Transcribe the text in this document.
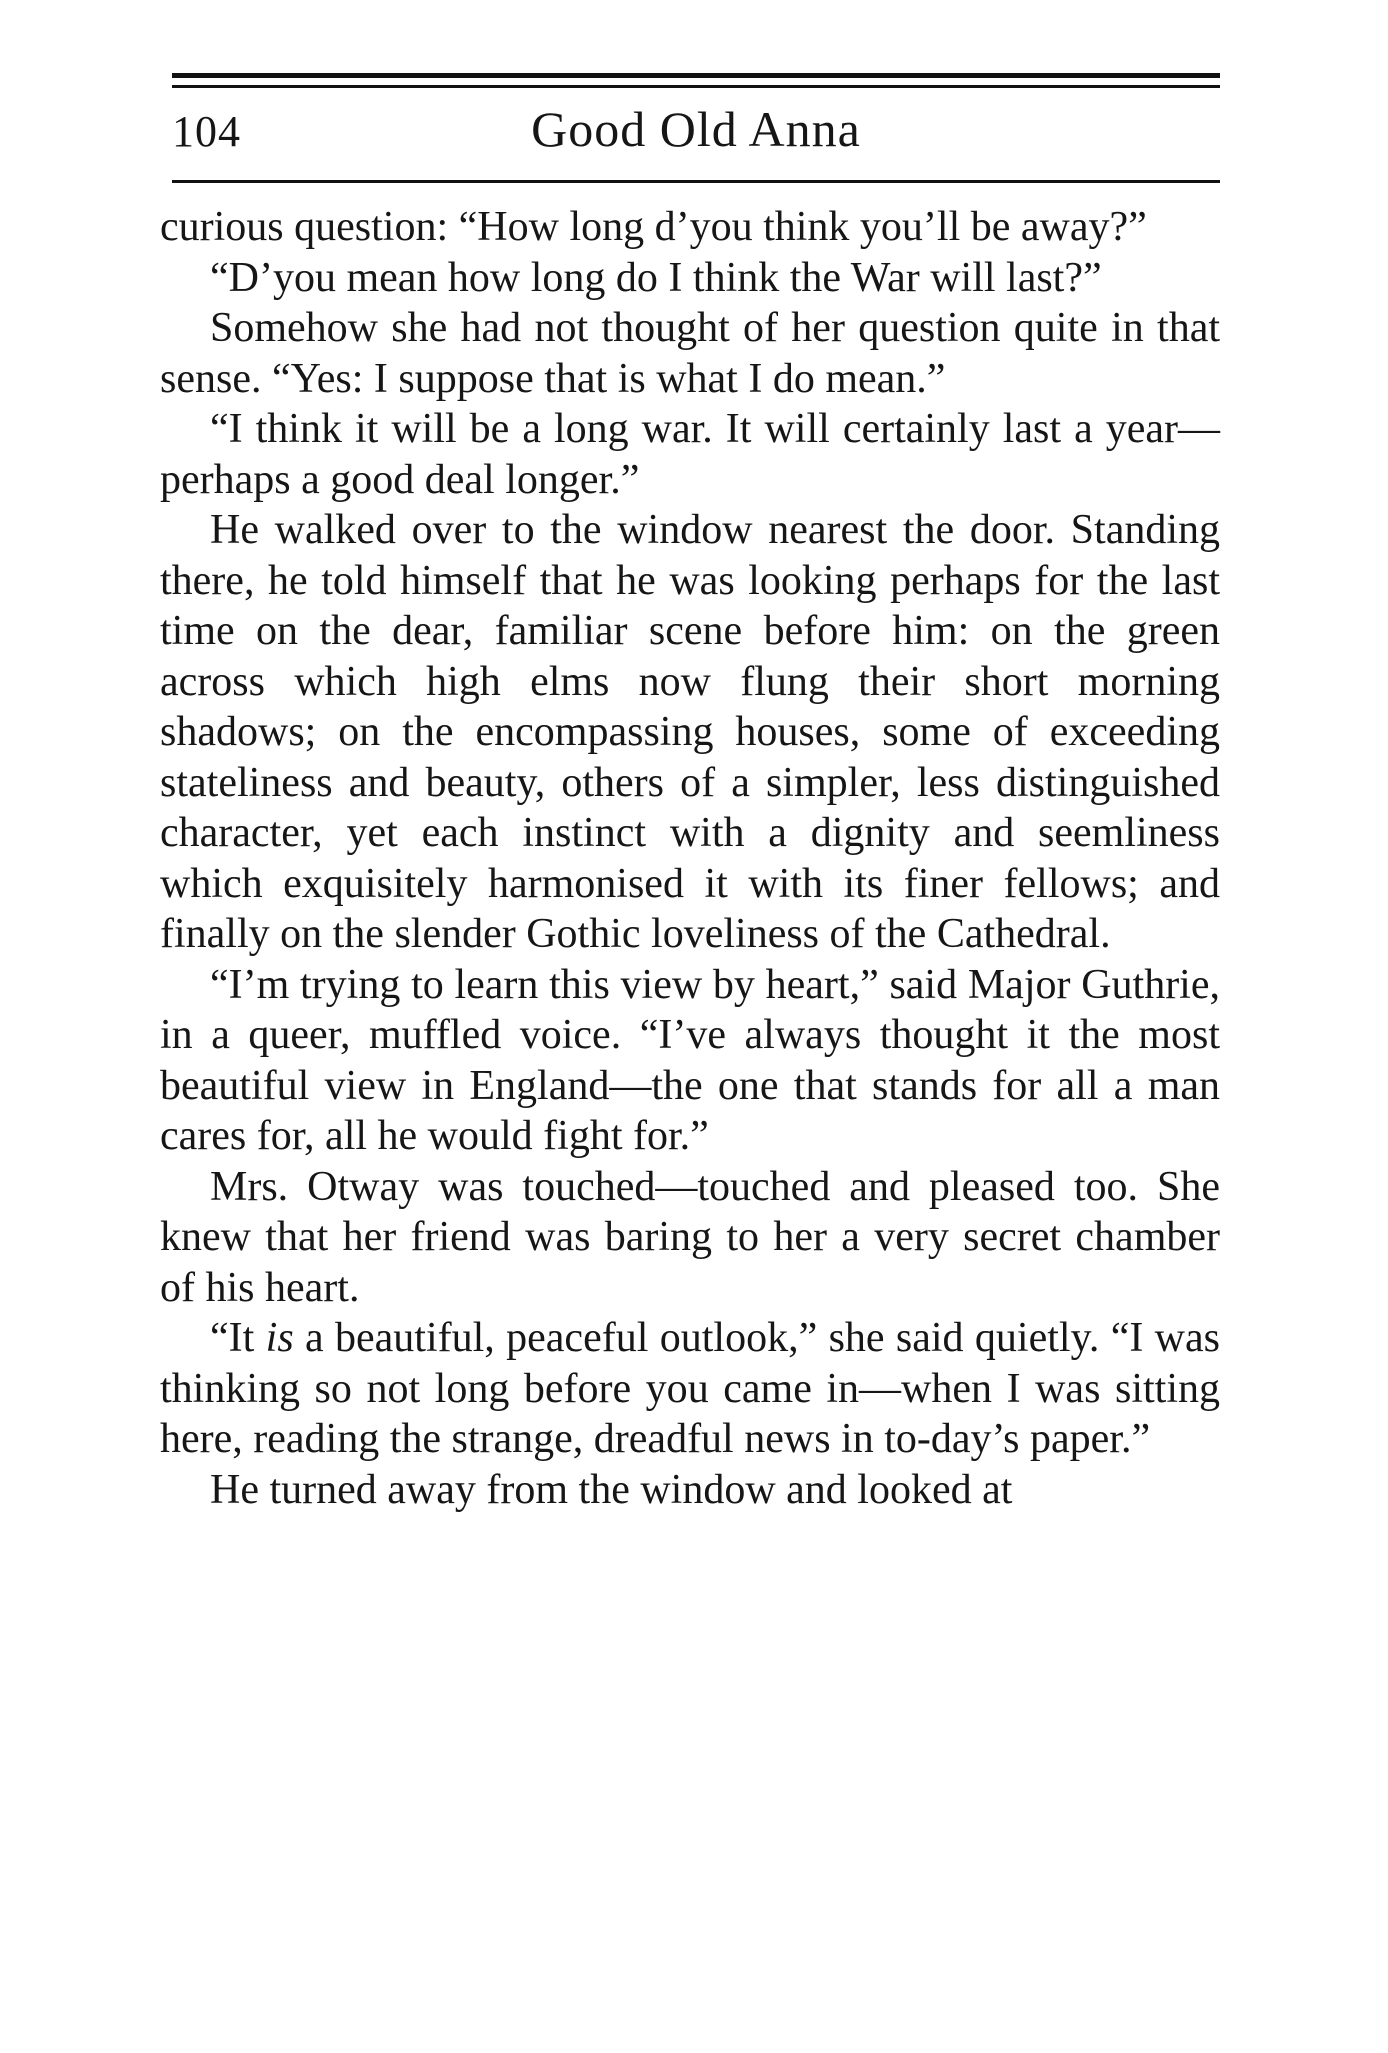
104	Good Old Anna

curious question: “How long d’you think you’ll be away?”

“D’you mean how long do I think the War will last?”

Somehow she had not thought of her question quite in that sense. “Yes: I suppose that is what I do mean.”

“I think it will be a long war. It will certainly last a year—perhaps a good deal longer.”

He walked over to the window nearest the door. Standing there, he told himself that he was looking perhaps for the last time on the dear, familiar scene before him: on the green across which high elms now flung their short morning shadows; on the encompassing houses, some of exceeding stateliness and beauty, others of a simpler, less distinguished character, yet each instinct with a dignity and seemliness which exquisitely harmonised it with its finer fellows; and finally on the slender Gothic loveliness of the Cathedral.

“I’m trying to learn this view by heart,” said Major Guthrie, in a queer, muffled voice. “I’ve always thought it the most beautiful view in England—the one that stands for all a man cares for, all he would fight for.”

Mrs. Otway was touched—touched and pleased too. She knew that her friend was baring to her a very secret chamber of his heart.

“It is a beautiful, peaceful outlook,” she said quietly. “I was thinking so not long before you came in—when I was sitting here, reading the strange, dreadful news in to-day’s paper.”

He turned away from the window and looked at
